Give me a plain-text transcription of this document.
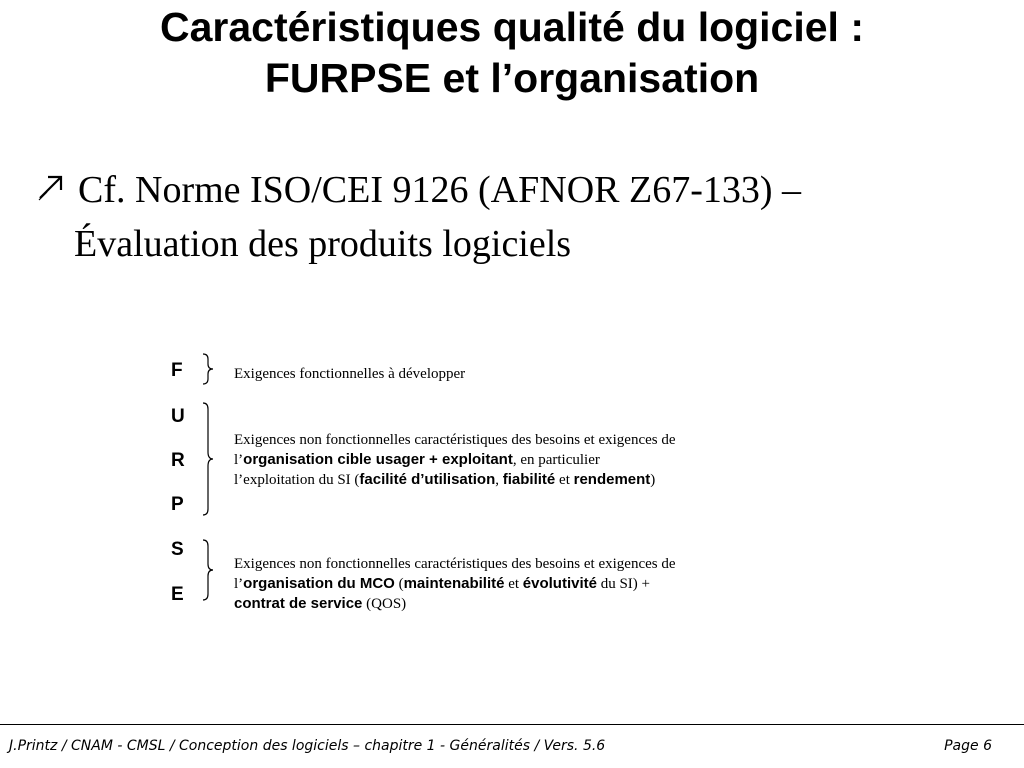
Caractéristiques qualité du logiciel :
FURPSE et l’organisation
Cf. Norme ISO/CEI 9126 (AFNOR Z67-133) –
Évaluation des produits logiciels
F
U
R
P
S
E
Exigences fonctionnelles à développer
Exigences non fonctionnelles caractéristiques des besoins et exigences de
l’organisation cible usager + exploitant, en particulier
l’exploitation du SI (facilité d’utilisation, fiabilité et rendement)
Exigences non fonctionnelles caractéristiques des besoins et exigences de
l’organisation du MCO (maintenabilité et évolutivité du SI) +
contrat de service (QOS)
J.Printz / CNAM - CMSL / Conception des logiciels – chapitre 1 - Généralités / Vers. 5.6	Page 6
